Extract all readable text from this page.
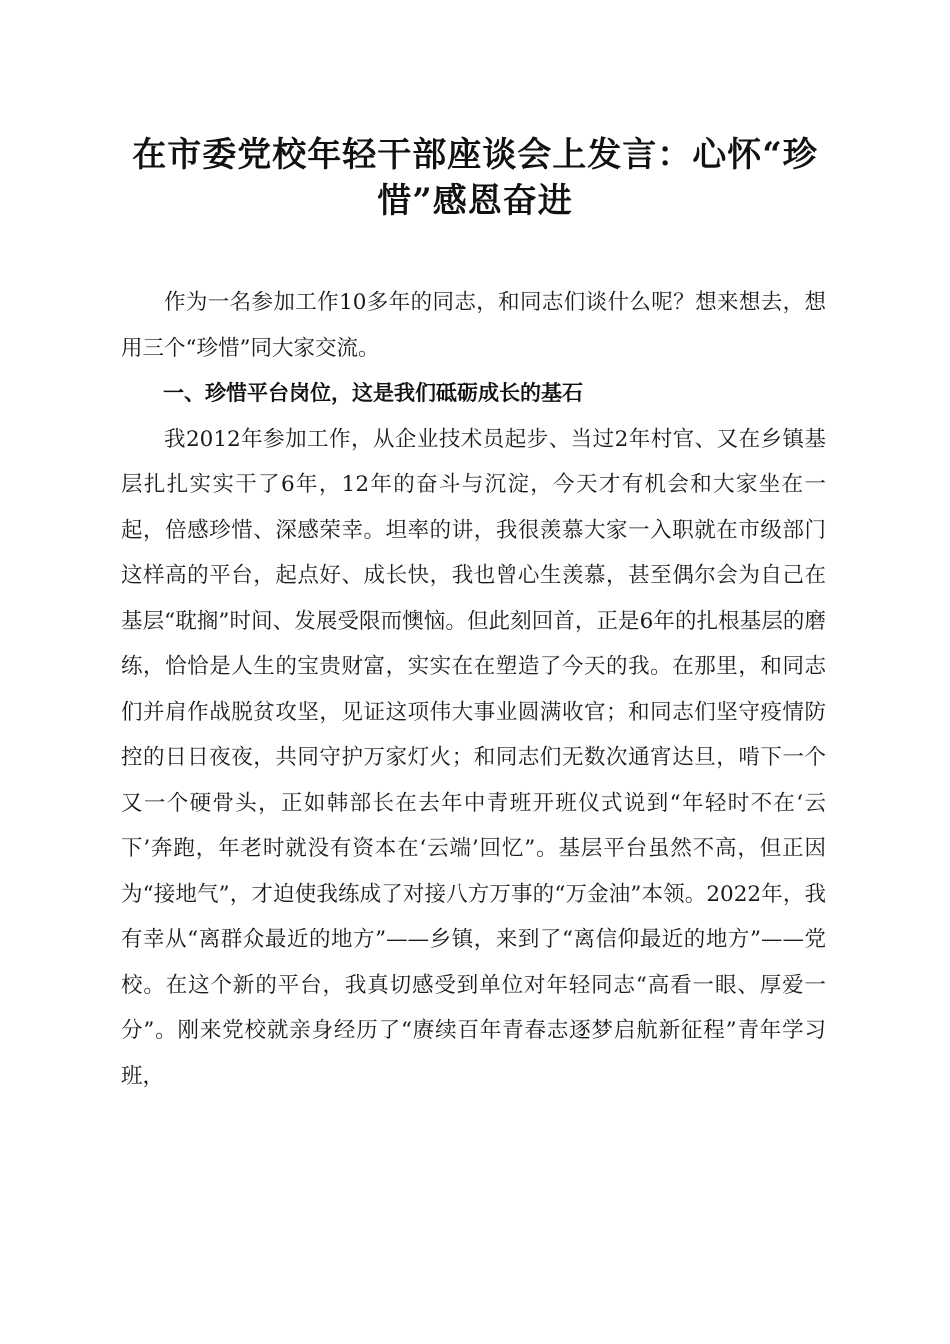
在市委党校年轻干部座谈会上发言：心怀“珍惜”感恩奋进

作为一名参加工作10多年的同志，和同志们谈什么呢？想来想去，想用三个“珍惜”同大家交流。

一、珍惜平台岗位，这是我们砥砺成长的基石

我2012年参加工作，从企业技术员起步、当过2年村官、又在乡镇基层扎扎实实干了6年，12年的奋斗与沉淀，今天才有机会和大家坐在一起，倍感珍惜、深感荣幸。坦率的讲，我很羡慕大家一入职就在市级部门这样高的平台，起点好、成长快，我也曾心生羡慕，甚至偶尔会为自己在基层“耽搁”时间、发展受限而懊恼。但此刻回首，正是6年的扎根基层的磨练，恰恰是人生的宝贵财富，实实在在塑造了今天的我。在那里，和同志们并肩作战脱贫攻坚，见证这项伟大事业圆满收官；和同志们坚守疫情防控的日日夜夜，共同守护万家灯火；和同志们无数次通宵达旦，啃下一个又一个硬骨头，正如韩部长在去年中青班开班仪式说到“年轻时不在‘云下’奔跑，年老时就没有资本在‘云端’回忆”。基层平台虽然不高，但正因为“接地气”，才迫使我练成了对接八方万事的“万金油”本领。2022年，我有幸从“离群众最近的地方”——乡镇，来到了“离信仰最近的地方”——党校。在这个新的平台，我真切感受到单位对年轻同志“高看一眼、厚爱一分”。刚来党校就亲身经历了“赓续百年青春志逐梦启航新征程”青年学习班，
